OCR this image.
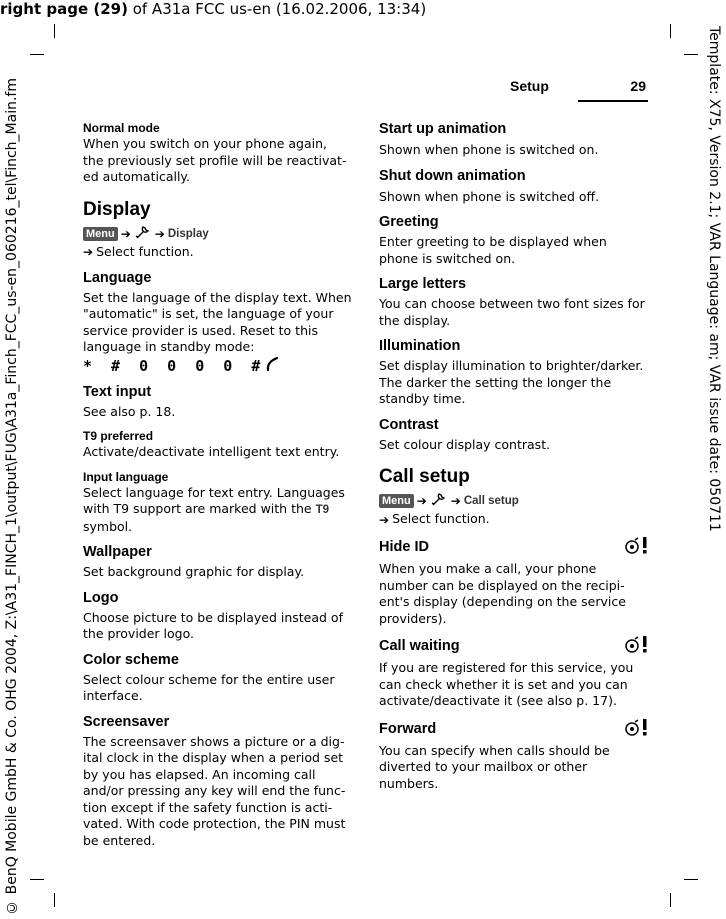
right page (29) of A31a FCC us-en (16.02.2006, 13:34)
Template: X75, Version 2.1; VAR Language: am; VAR issue date: 050711
© BenQ Mobile GmbH & Co. OHG 2004, Z:\A31_FINCH_1\output\FUG\A31a_Finch_FCC_us-en_060216_tel\Finch_Main.fm	Setup	29

Normal mode

When you switch on your phone again, the previously set profile will be reactivat-ed automatically.

Display

Menu ➔ ➔ Display
➔ Select function.

Language

Set the language of the display text. When "automatic" is set, the language of your service provider is used. Reset to this language in standby mode:

* # 0 0 0 0 #

Text input

See also p. 18.

T9 preferred

Activate/deactivate intelligent text entry.

Input language

Select language for text entry. Languages with T9 support are marked with the T9 symbol.

Wallpaper

Set background graphic for display.

Logo

Choose picture to be displayed instead of the provider logo.

Color scheme

Select colour scheme for the entire user interface.

Screensaver

The screensaver shows a picture or a dig-ital clock in the display when a period set by you has elapsed. An incoming call and/or pressing any key will end the func-tion except if the safety function is acti-vated. With code protection, the PIN must be entered.

Start up animation

Shown when phone is switched on.

Shut down animation

Shown when phone is switched off.

Greeting

Enter greeting to be displayed when phone is switched on.

Large letters

You can choose between two font sizes for the display.

Illumination

Set display illumination to brighter/darker. The darker the setting the longer the standby time.

Contrast

Set colour display contrast.

Call setup

Menu ➔ ➔ Call setup
➔ Select function.

Hide ID

When you make a call, your phone number can be displayed on the recipi-ent's display (depending on the service providers).

Call waiting

If you are registered for this service, you can check whether it is set and you can activate/deactivate it (see also p. 17).

Forward

You can specify when calls should be diverted to your mailbox or other numbers.
